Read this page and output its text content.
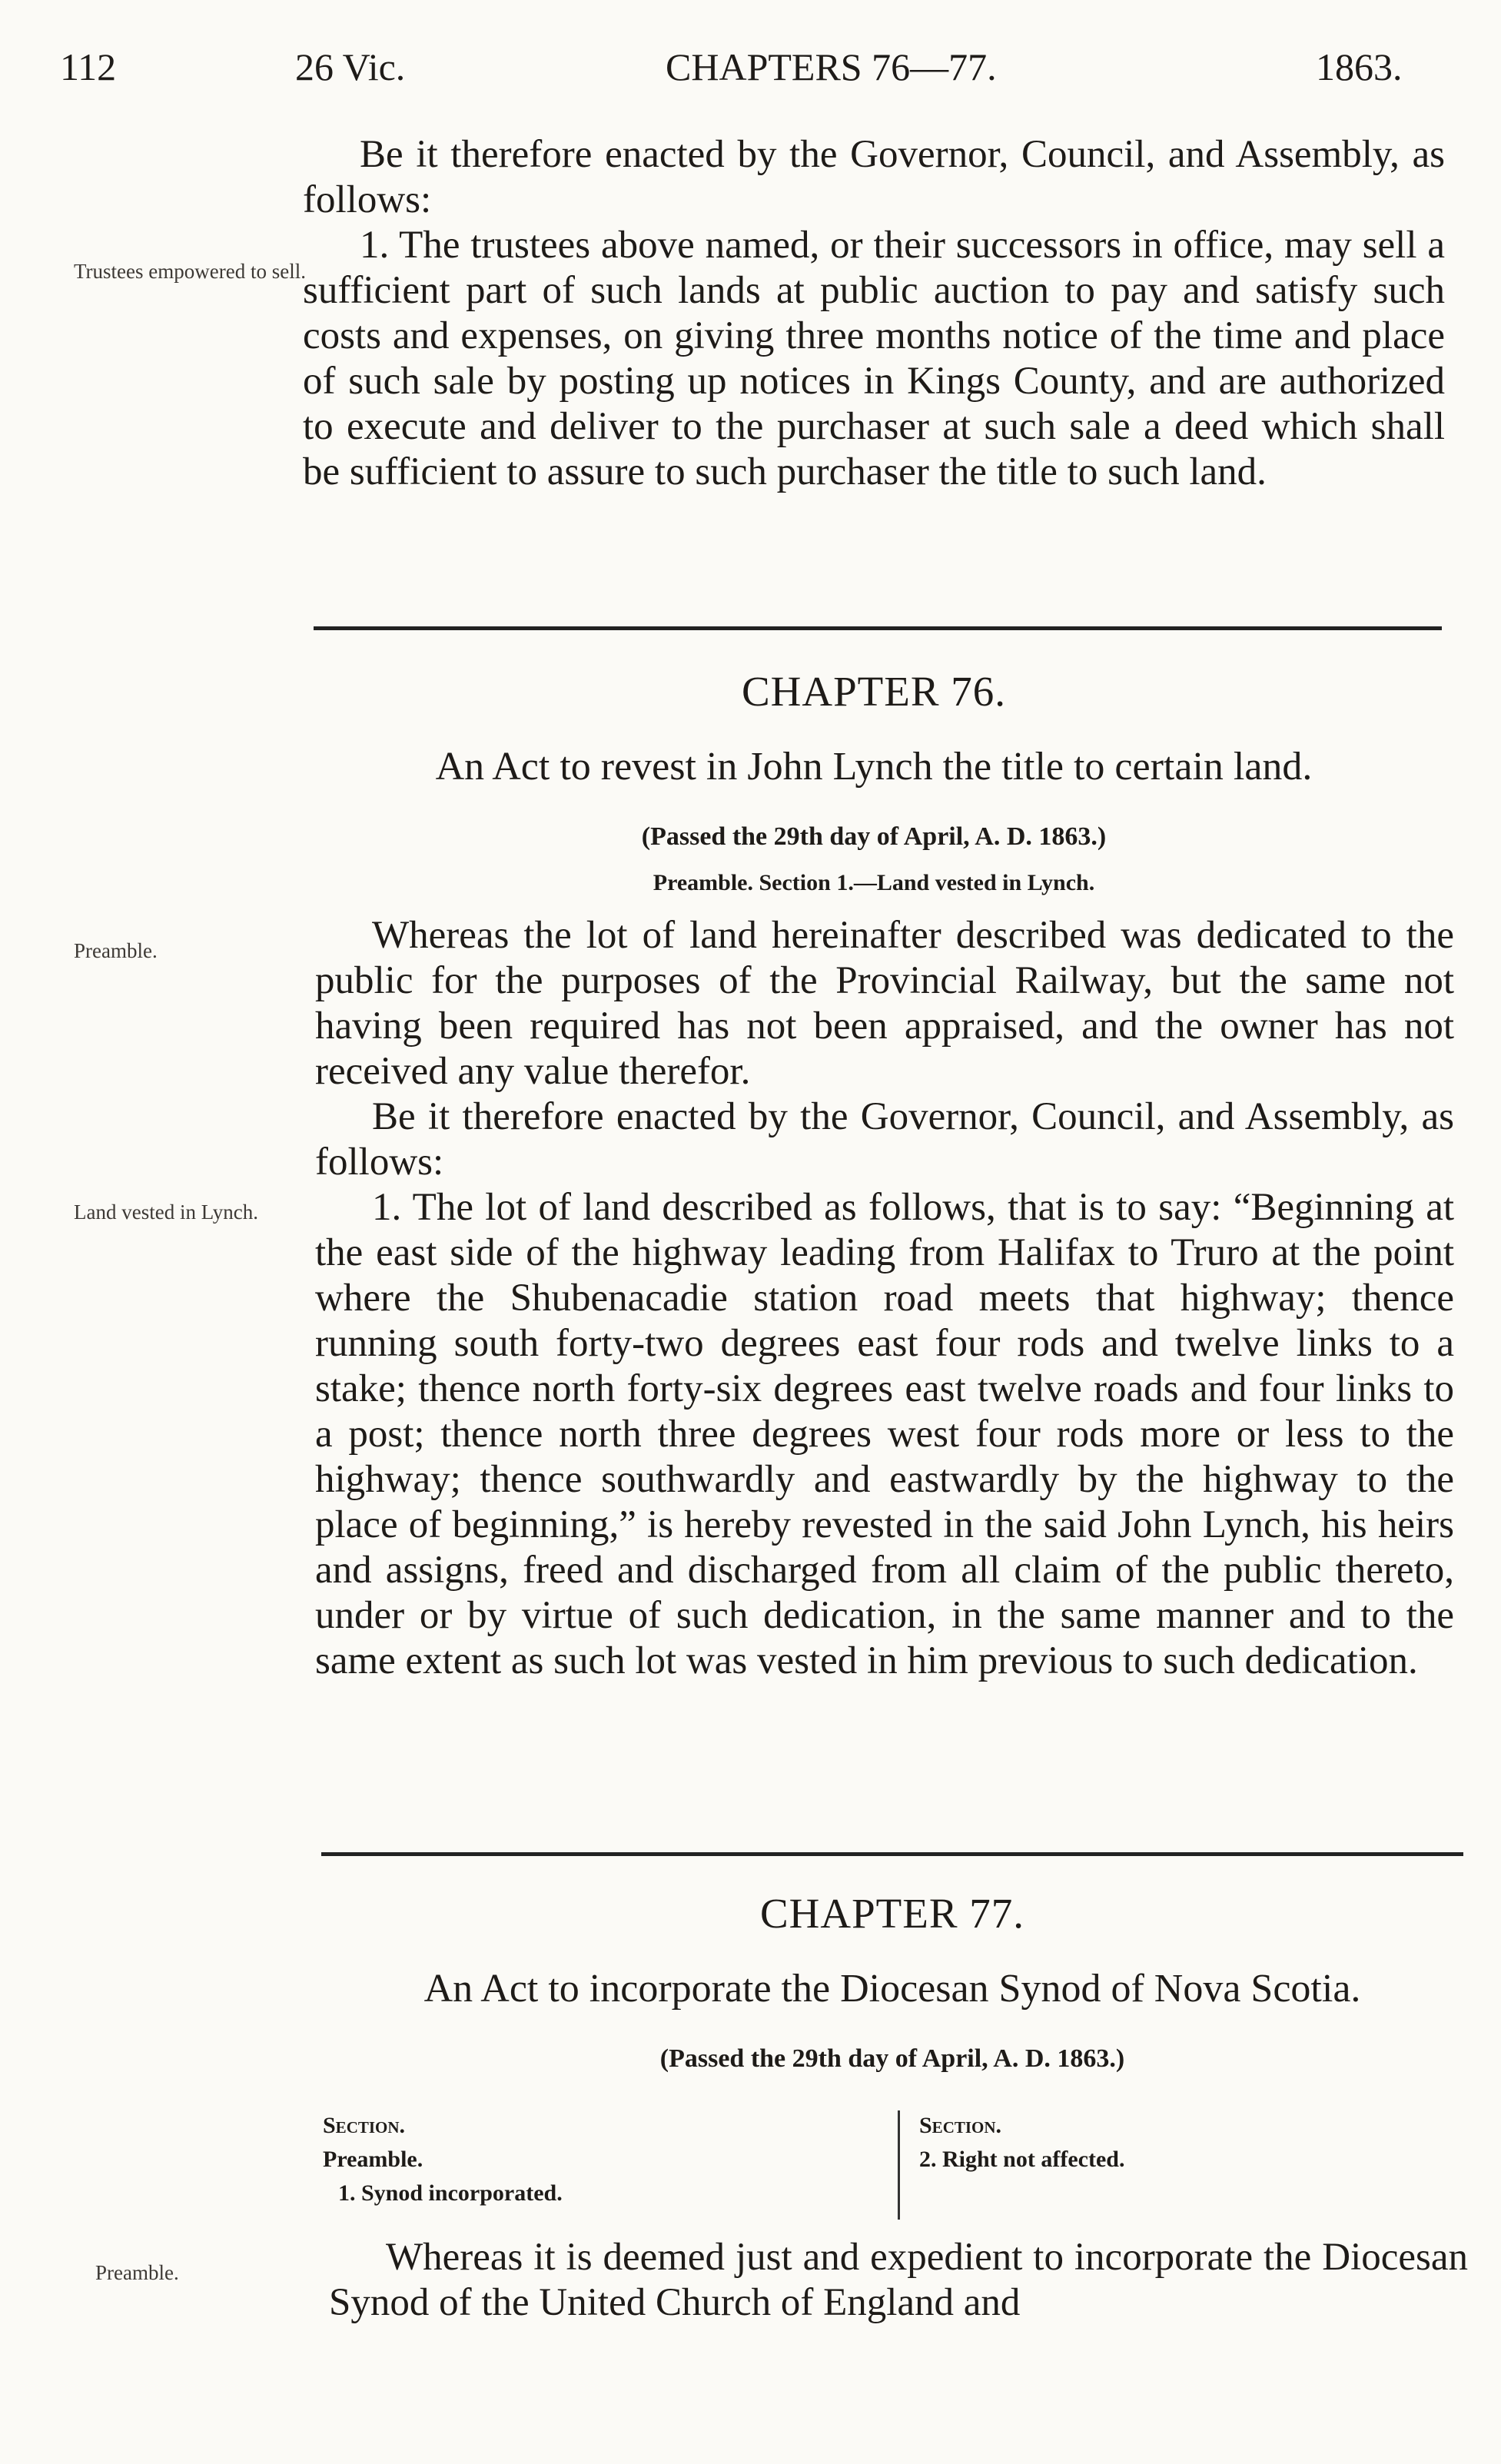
112	26 Vic.	CHAPTERS 76—77.	1863.
Trustees empowered to sell.

Be it therefore enacted by the Governor, Council, and Assembly, as follows:

1. The trustees above named, or their successors in office, may sell a sufficient part of such lands at public auction to pay and satisfy such costs and expenses, on giving three months notice of the time and place of such sale by posting up notices in Kings County, and are authorized to execute and deliver to the purchaser at such sale a deed which shall be sufficient to assure to such purchaser the title to such land.

CHAPTER 76.
An Act to revest in John Lynch the title to certain land.
(Passed the 29th day of April, A. D. 1863.)
Preamble. Section 1.—Land vested in Lynch.
Preamble.
Land vested in Lynch.

Whereas the lot of land hereinafter described was dedicated to the public for the purposes of the Provincial Railway, but the same not having been required has not been appraised, and the owner has not received any value therefor.

Be it therefore enacted by the Governor, Council, and Assembly, as follows:

1. The lot of land described as follows, that is to say: “Beginning at the east side of the highway leading from Halifax to Truro at the point where the Shubenacadie station road meets that highway; thence running south forty-two degrees east four rods and twelve links to a stake; thence north forty-six degrees east twelve roads and four links to a post; thence north three degrees west four rods more or less to the highway; thence southwardly and eastwardly by the highway to the place of beginning,” is hereby revested in the said John Lynch, his heirs and assigns, freed and discharged from all claim of the public thereto, under or by virtue of such dedication, in the same manner and to the same extent as such lot was vested in him previous to such dedication.

CHAPTER 77.
An Act to incorporate the Diocesan Synod of Nova Scotia.
(Passed the 29th day of April, A. D. 1863.)
Section.
Preamble.
1. Synod incorporated.
Section.
2. Right not affected.
Preamble.	Whereas it is deemed just and expedient to incorporate the Diocesan Synod of the United Church of England and
